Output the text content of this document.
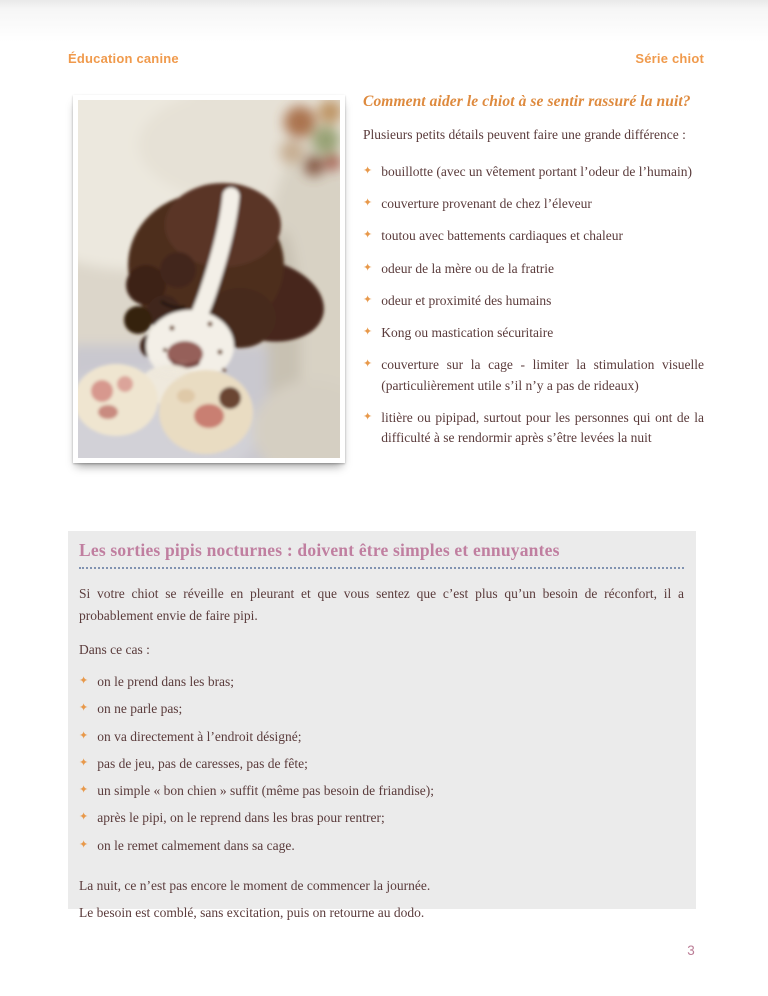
Éducation canine	Série chiot
Comment aider le chiot à se sentir rassuré la nuit?

Plusieurs petits détails peuvent faire une grande différence :

✦ bouillotte (avec un vêtement portant l’odeur de l’humain)
✦ couverture provenant de chez l’éleveur
✦ toutou avec battements cardiaques et chaleur
✦ odeur de la mère ou de la fratrie
✦ odeur et proximité des humains
✦ Kong ou mastication sécuritaire
✦ couverture sur la cage - limiter la stimulation visuelle (particulièrement utile s’il n’y a pas de rideaux)
✦ litière ou pipipad, surtout pour les personnes qui ont de la difficulté à se rendormir après s’être levées la nuit
Les sorties pipis nocturnes : doivent être simples et ennuyantes

Si votre chiot se réveille en pleurant et que vous sentez que c’est plus qu’un besoin de réconfort, il a probablement envie de faire pipi.

Dans ce cas :

✦ on le prend dans les bras;
✦ on ne parle pas;
✦ on va directement à l’endroit désigné;
✦ pas de jeu, pas de caresses, pas de fête;
✦ un simple « bon chien » suffit (même pas besoin de friandise);
✦ après le pipi, on le reprend dans les bras pour rentrer;
✦ on le remet calmement dans sa cage.

La nuit, ce n’est pas encore le moment de commencer la journée.

Le besoin est comblé, sans excitation, puis on retourne au dodo.

3
